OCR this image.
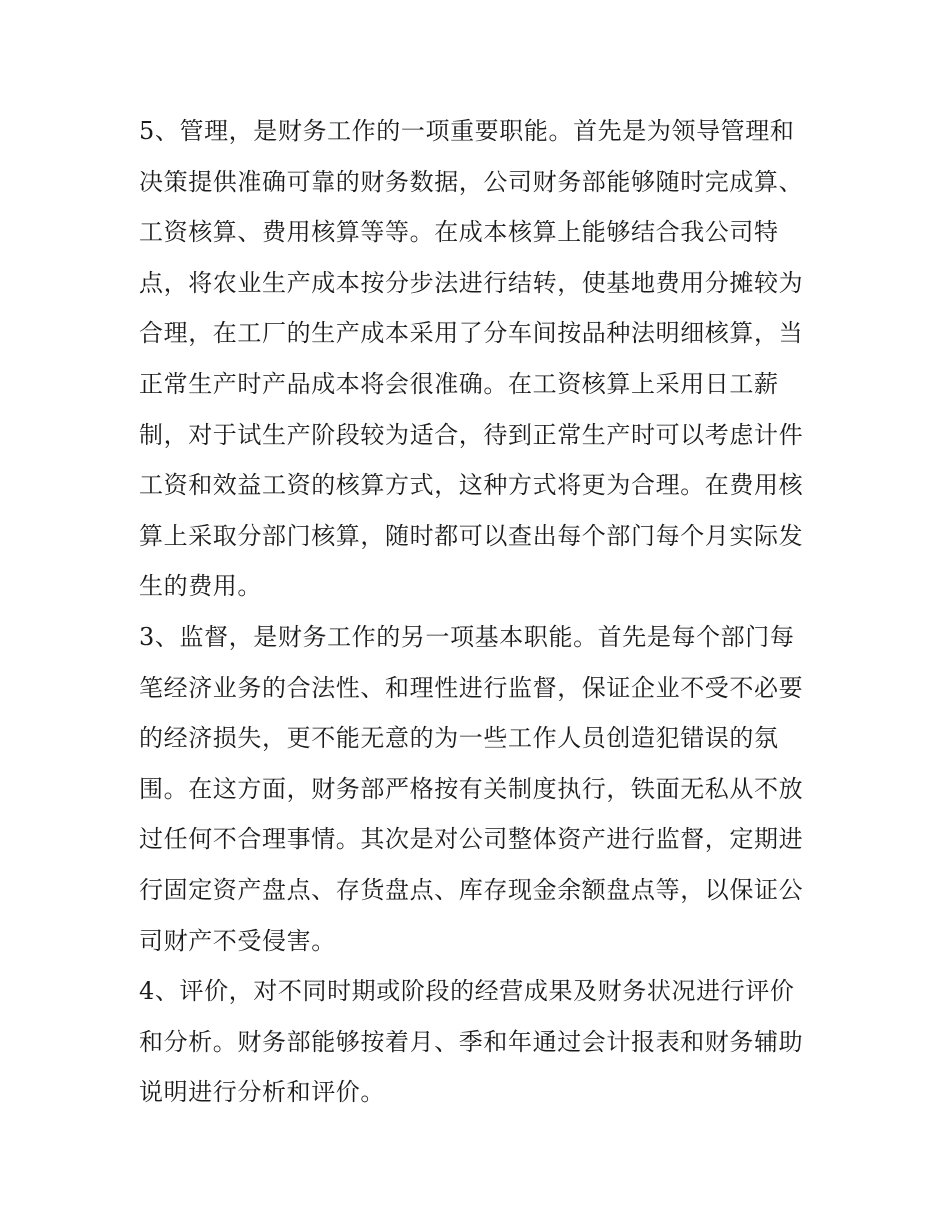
5、管理，是财务工作的一项重要职能。首先是为领导管理和
决策提供准确可靠的财务数据，公司财务部能够随时完成算、
工资核算、费用核算等等。在成本核算上能够结合我公司特
点，将农业生产成本按分步法进行结转，使基地费用分摊较为
合理，在工厂的生产成本采用了分车间按品种法明细核算，当
正常生产时产品成本将会很准确。在工资核算上采用日工薪
制，对于试生产阶段较为适合，待到正常生产时可以考虑计件
工资和效益工资的核算方式，这种方式将更为合理。在费用核
算上采取分部门核算，随时都可以查出每个部门每个月实际发
生的费用。
3、监督，是财务工作的另一项基本职能。首先是每个部门每
笔经济业务的合法性、和理性进行监督，保证企业不受不必要
的经济损失，更不能无意的为一些工作人员创造犯错误的氛
围。在这方面，财务部严格按有关制度执行，铁面无私从不放
过任何不合理事情。其次是对公司整体资产进行监督，定期进
行固定资产盘点、存货盘点、库存现金余额盘点等，以保证公
司财产不受侵害。
4、评价，对不同时期或阶段的经营成果及财务状况进行评价
和分析。财务部能够按着月、季和年通过会计报表和财务辅助
说明进行分析和评价。
